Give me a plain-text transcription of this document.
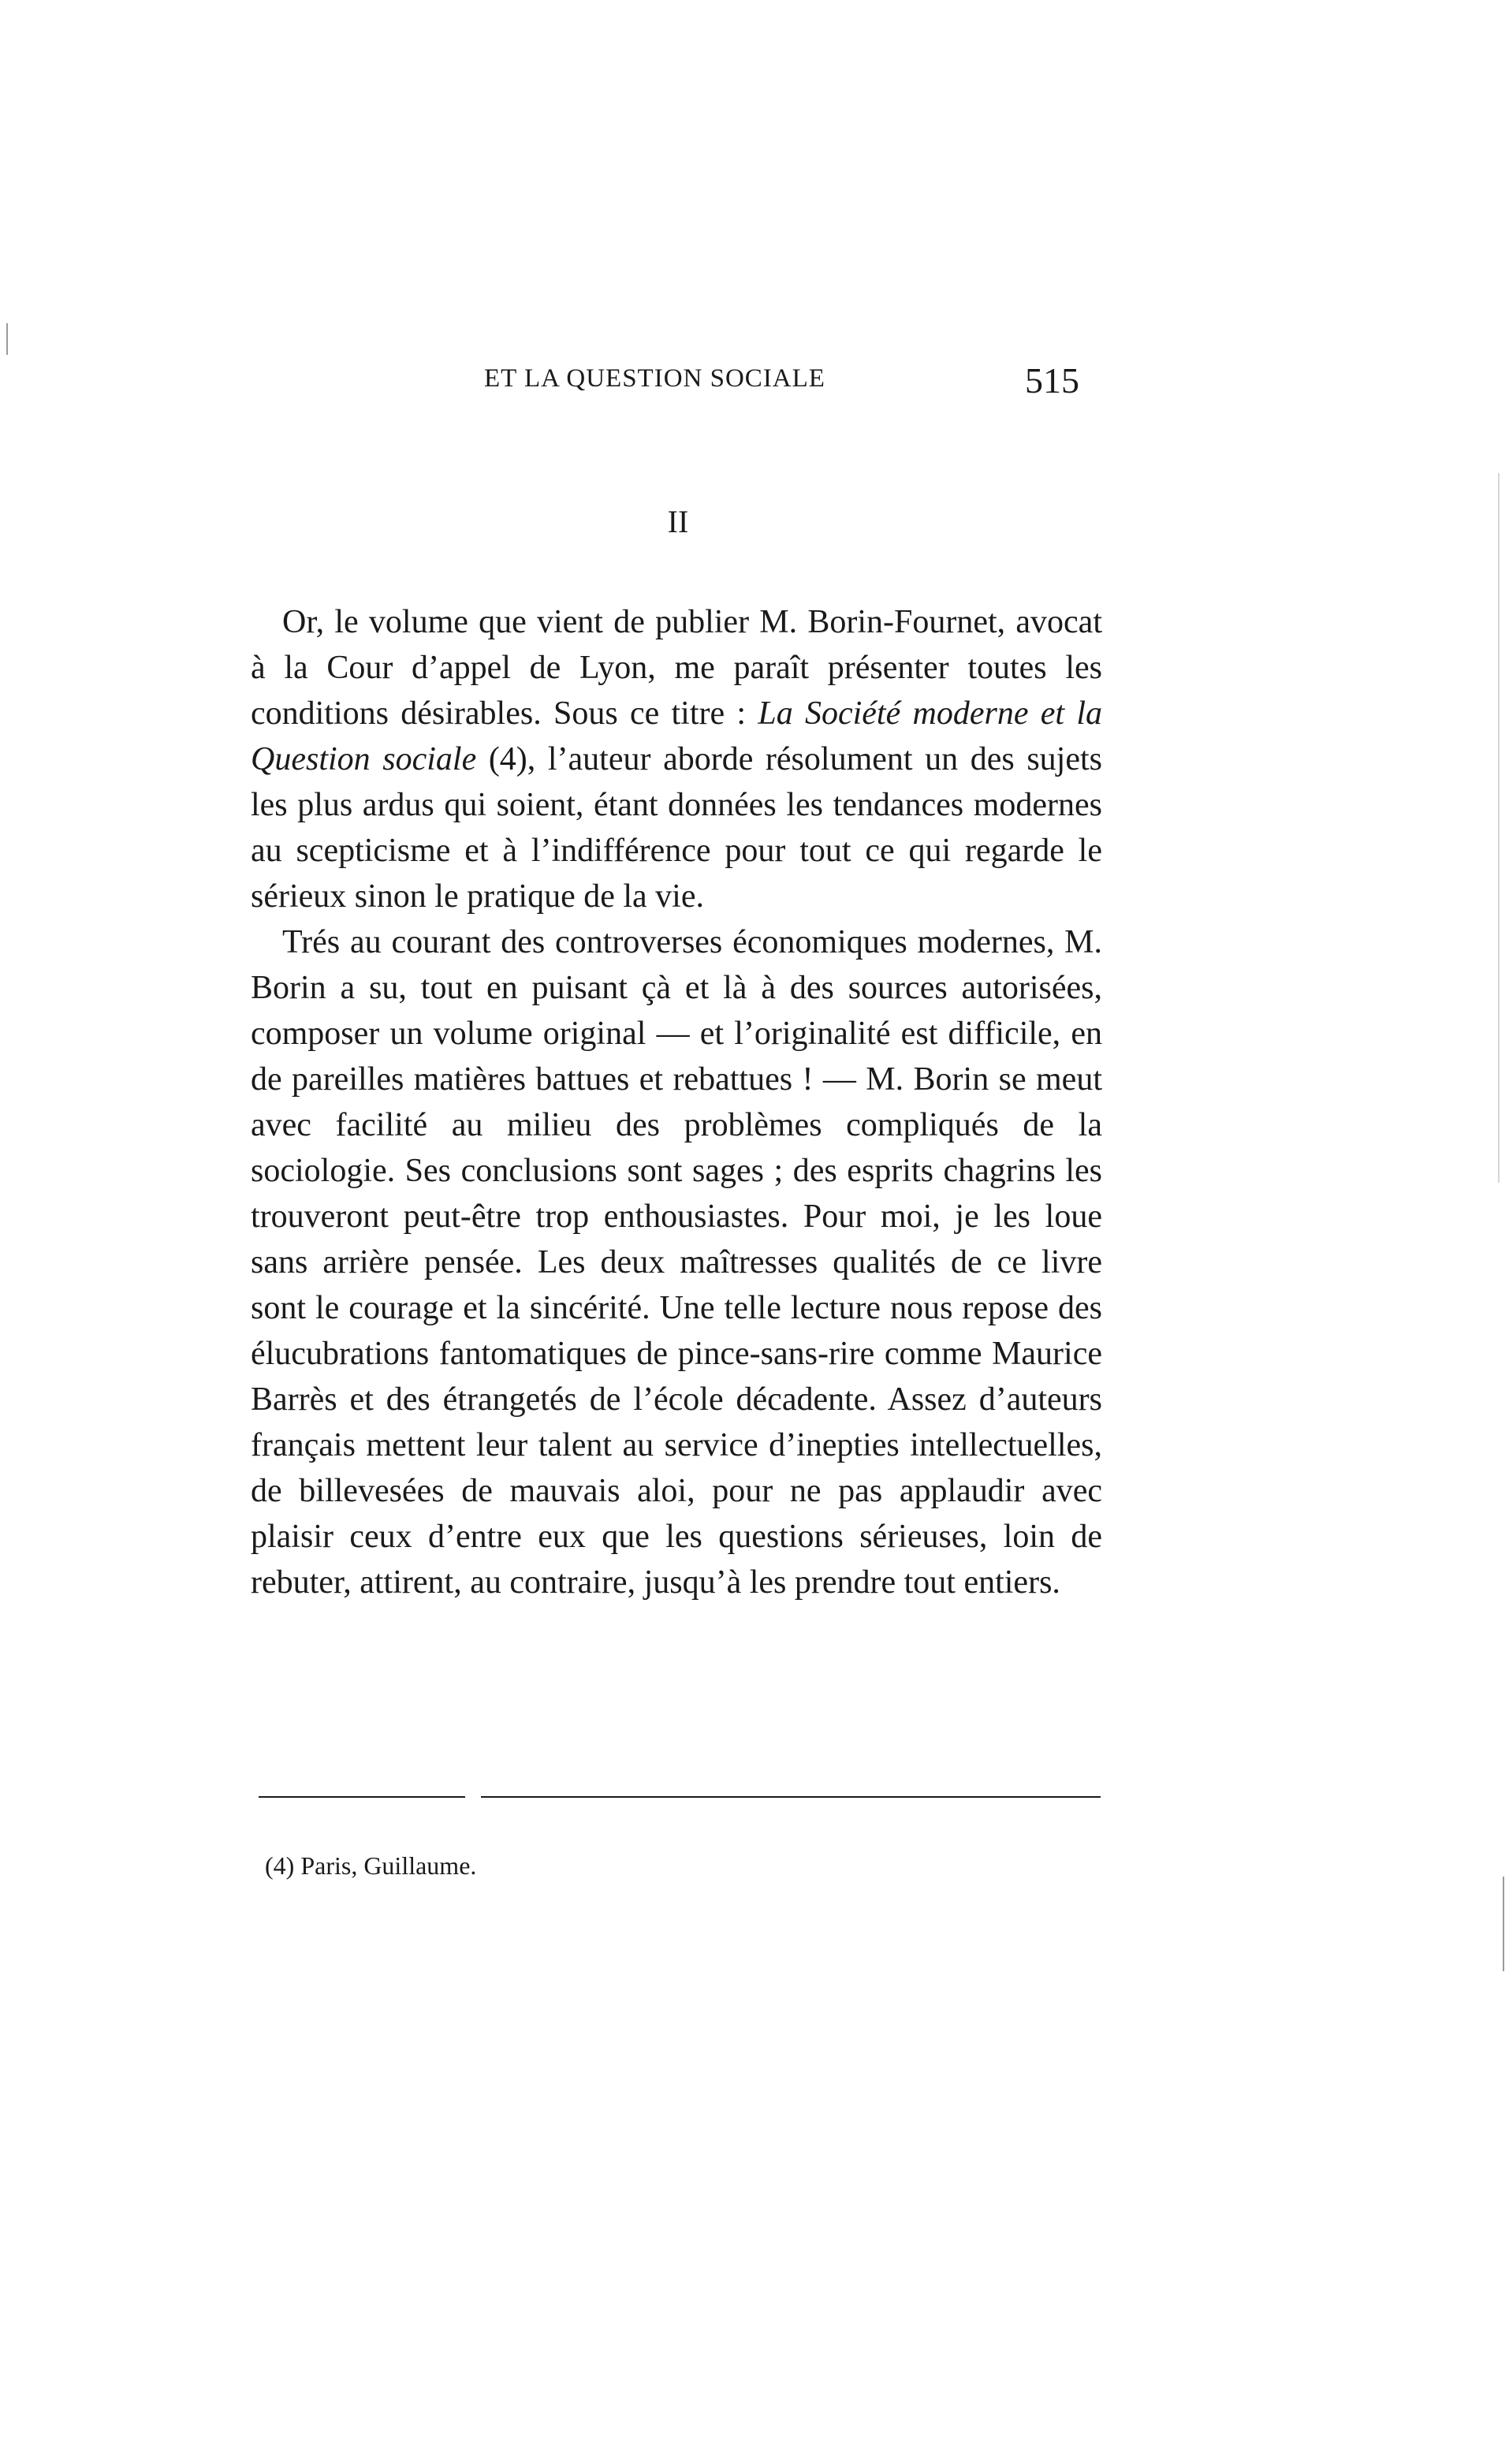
ET LA QUESTION SOCIALE	515
II

Or, le volume que vient de publier M. Borin-Fournet, avocat à la Cour d’appel de Lyon, me paraît présenter toutes les conditions désirables. Sous ce titre : La Société moderne et la Question sociale (4), l’auteur aborde résolument un des sujets les plus ardus qui soient, étant données les tendances modernes au scepticisme et à l’indifférence pour tout ce qui regarde le sérieux sinon le pratique de la vie.

Trés au courant des controverses économiques modernes, M. Borin a su, tout en puisant çà et là à des sources autorisées, composer un volume original — et l’originalité est difficile, en de pareilles matières battues et rebattues ! — M. Borin se meut avec facilité au milieu des problèmes compliqués de la sociologie. Ses conclusions sont sages ; des esprits chagrins les trouveront peut-être trop enthousiastes. Pour moi, je les loue sans arrière pensée. Les deux maîtresses qualités de ce livre sont le courage et la sincérité. Une telle lecture nous repose des élucubrations fantomatiques de pince-sans-rire comme Maurice Barrès et des étrangetés de l’école décadente. Assez d’auteurs français mettent leur talent au service d’inepties intellectuelles, de billevesées de mauvais aloi, pour ne pas applaudir avec plaisir ceux d’entre eux que les questions sérieuses, loin de rebuter, attirent, au contraire, jusqu’à les prendre tout entiers.

(4) Paris, Guillaume.
